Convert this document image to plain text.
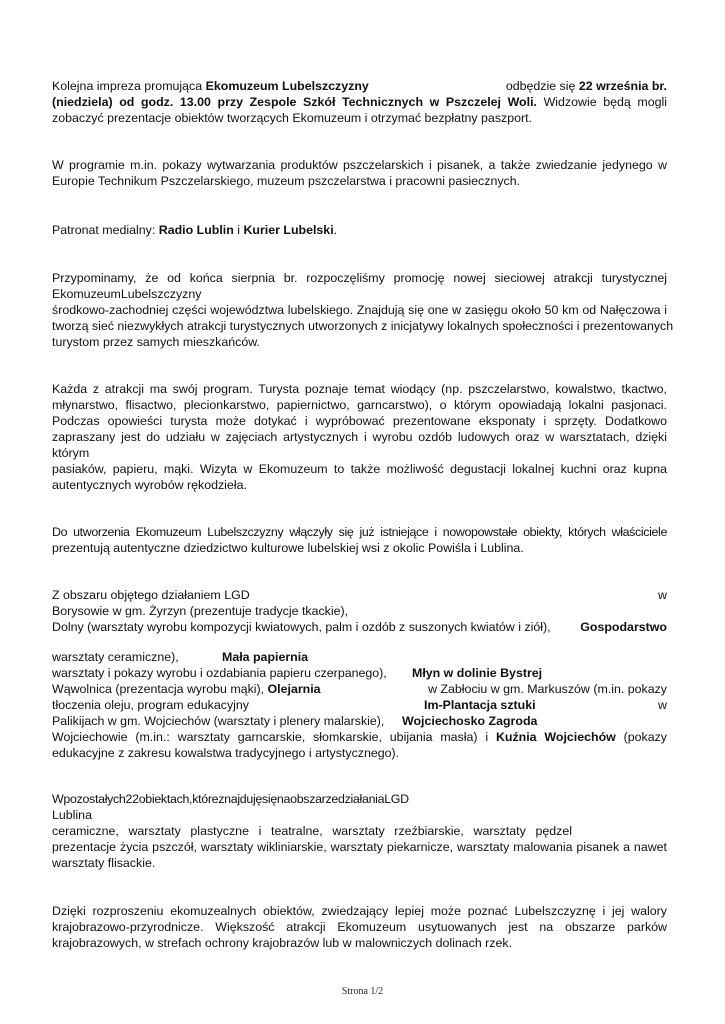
Kolejna impreza promująca Ekomuzeum Lubelszczyzny	odbędzie się 22 września br.
(niedziela) od godz. 13.00 przy Zespole Szkół Technicznych w Pszczelej Woli. Widzowie będą mogli
zobaczyć prezentacje obiektów tworzących Ekomuzeum i otrzymać bezpłatny paszport.
W programie m.in. pokazy wytwarzania produktów pszczelarskich i pisanek, a także zwiedzanie jedynego w
Europie Technikum Pszczelarskiego, muzeum pszczelarstwa i pracowni pasiecznych.
Patronat medialny: Radio Lublin i Kurier Lubelski.
Przypominamy, że od końca sierpnia br. rozpoczęliśmy promocję nowej sieciowej atrakcji turystycznej
EkomuzeumLubelszczyzny
środkowo-zachodniej części województwa lubelskiego. Znajdują się one w zasięgu około 50 km od Nałęczowa i
tworzą sieć niezwykłych atrakcji turystycznych utworzonych z inicjatywy lokalnych społeczności i prezentowanych
turystom przez samych mieszkańców.
Każda z atrakcji ma swój program. Turysta poznaje temat wiodący (np. pszczelarstwo, kowalstwo, tkactwo,
młynarstwo, flisactwo, plecionkarstwo, papiernictwo, garncarstwo), o którym opowiadają lokalni pasjonaci.
Podczas opowieści turysta może dotykać i wypróbować prezentowane eksponaty i sprzęty. Dodatkowo
zapraszany jest do udziału w zajęciach artystycznych i wyrobu ozdób ludowych oraz w warsztatach, dzięki
którym
pasiaków, papieru, mąki. Wizyta w Ekomuzeum to także możliwość degustacji lokalnej kuchni oraz kupna
autentycznych wyrobów rękodzieła.
Do utworzenia Ekomuzeum Lubelszczyzny włączyły się już istniejące i nowopowstałe obiekty, których właściciele
prezentują autentyczne dziedzictwo kulturowe lubelskiej wsi z okolic Powiśla i Lublina.
Z obszaru objętego działaniem LGD	w
Borysowie w gm. Żyrzyn (prezentuje tradycje tkackie),
Dolny (warsztaty wyrobu kompozycji kwiatowych, palm i ozdób z suszonych kwiatów i ziół),	Gospodarstwo
warsztaty ceramiczne),	Mała papiernia
warsztaty i pokazy wyrobu i ozdabiania papieru czerpanego),	Młyn w dolinie Bystrej
Wąwolnica (prezentacja wyrobu mąki), Olejarnia	w Zabłociu w gm. Markuszów (m.in. pokazy
tłoczenia oleju, program edukacyjny	Im-Plantacja sztuki	w
Palikijach w gm. Wojciechów (warsztaty i plenery malarskie),	Wojciechosko Zagroda
Wojciechowie (m.in.: warsztaty garncarskie, słomkarskie, ubijania masła) i Kuźnia Wojciechów (pokazy
edukacyjne z zakresu kowalstwa tradycyjnego i artystycznego).
Wpozostałych22obiektach,któreznajdujęsięnaobszarzedziałaniaLGD
Lublina
ceramiczne, warsztaty plastyczne i teatralne, warsztaty rzeźbiarskie, warsztaty pędzel
prezentacje życia pszczół, warsztaty wikliniarskie, warsztaty piekarnicze, warsztaty malowania pisanek a nawet
warsztaty flisackie.
Dzięki rozproszeniu ekomuzealnych obiektów, zwiedzający lepiej może poznać Lubelszczyznę i jej walory
krajobrazowo-przyrodnicze. Większość atrakcji Ekomuzeum usytuowanych jest na obszarze parków
krajobrazowych, w strefach ochrony krajobrazów lub w malowniczych dolinach rzek.
Strona 1/2
